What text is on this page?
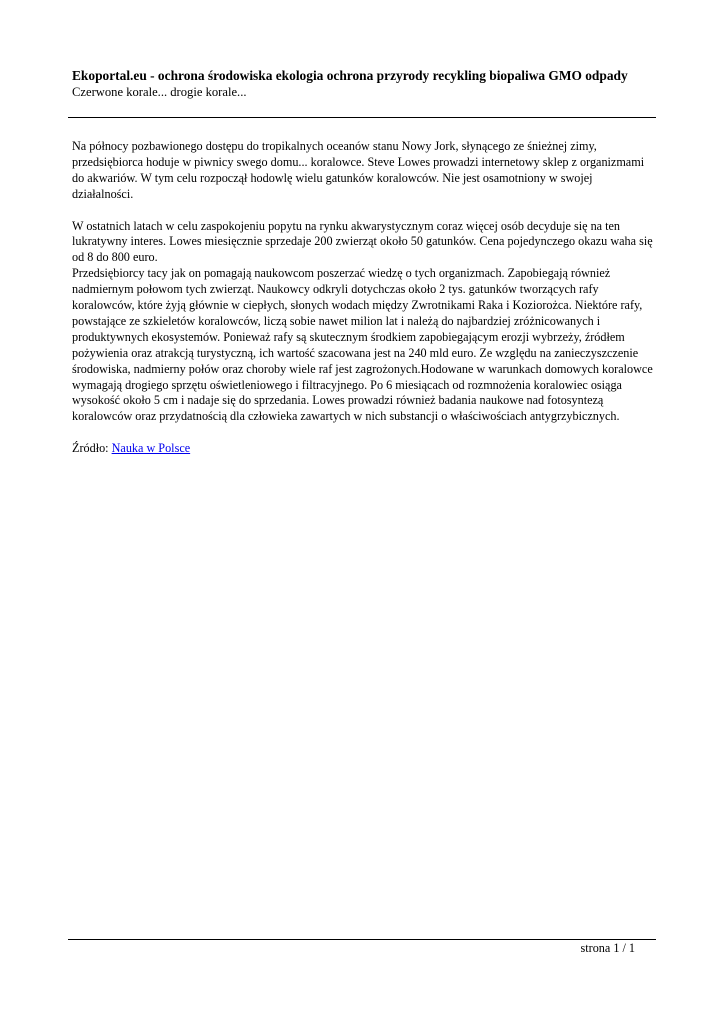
Ekoportal.eu - ochrona środowiska ekologia ochrona przyrody recykling biopaliwa GMO odpady

Czerwone korale... drogie korale...

Na północy pozbawionego dostępu do tropikalnych oceanów stanu Nowy Jork, słynącego ze śnieżnej zimy,
przedsiębiorca hoduje w piwnicy swego domu... koralowce. Steve Lowes prowadzi internetowy sklep z organizmami
do akwariów. W tym celu rozpoczął hodowlę wielu gatunków koralowców. Nie jest osamotniony w swojej
działalności.

W ostatnich latach w celu zaspokojeniu popytu na rynku akwarystycznym coraz więcej osób decyduje się na ten
lukratywny interes. Lowes miesięcznie sprzedaje 200 zwierząt około 50 gatunków. Cena pojedynczego okazu waha się
od 8 do 800 euro.

Przedsiębiorcy tacy jak on pomagają naukowcom poszerzać wiedzę o tych organizmach. Zapobiegają również
nadmiernym połowom tych zwierząt. Naukowcy odkryli dotychczas około 2 tys. gatunków tworzących rafy
koralowców, które żyją głównie w ciepłych, słonych wodach między Zwrotnikami Raka i Koziorożca. Niektóre rafy,
powstające ze szkieletów koralowców, liczą sobie nawet milion lat i należą do najbardziej zróżnicowanych i
produktywnych ekosystemów. Ponieważ rafy są skutecznym środkiem zapobiegającym erozji wybrzeży, źródłem
pożywienia oraz atrakcją turystyczną, ich wartość szacowana jest na 240 mld euro. Ze względu na zanieczyszczenie
środowiska, nadmierny połów oraz choroby wiele raf jest zagrożonych.Hodowane w warunkach domowych koralowce
wymagają drogiego sprzętu oświetleniowego i filtracyjnego. Po 6 miesiącach od rozmnożenia koralowiec osiąga
wysokość około 5 cm i nadaje się do sprzedania. Lowes prowadzi również badania naukowe nad fotosyntezą
koralowców oraz przydatnością dla człowieka zawartych w nich substancji o właściwościach antygrzybicznych.

Źródło: Nauka w Polsce

strona 1 / 1
